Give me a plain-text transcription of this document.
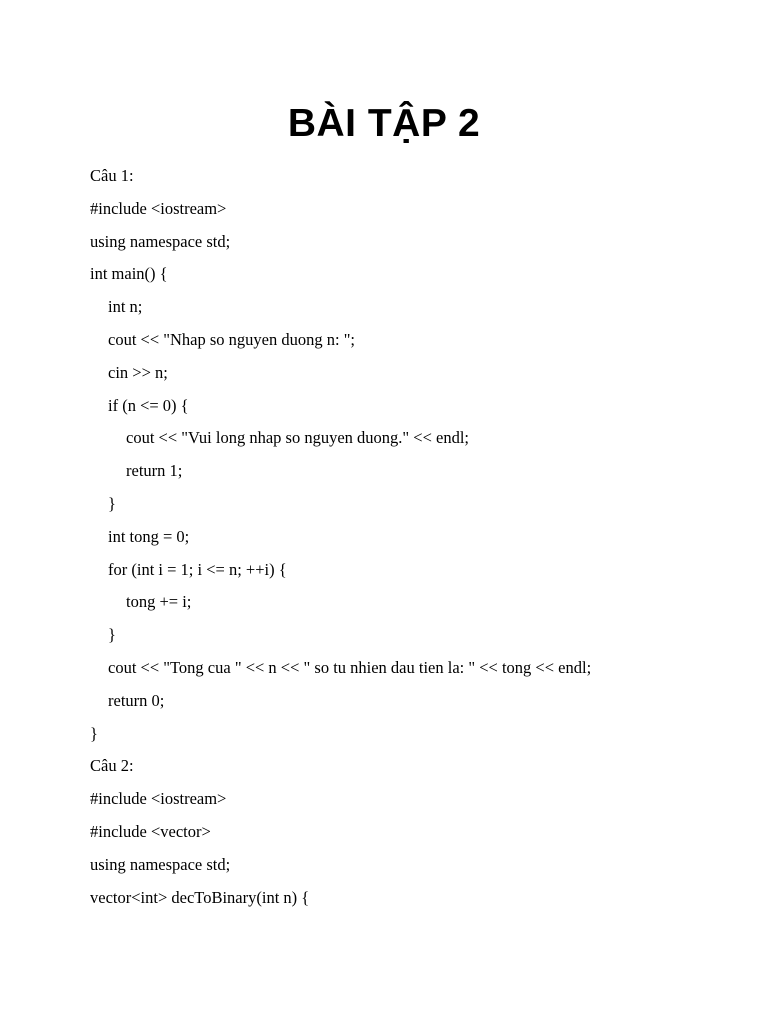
BÀI TẬP 2
Câu 1:
#include <iostream>
using namespace std;
int main() {
int n;
cout << "Nhap so nguyen duong n: ";
cin >> n;
if (n <= 0) {
cout << "Vui long nhap so nguyen duong." << endl;
return 1;
}
int tong = 0;
for (int i = 1; i <= n; ++i) {
tong += i;
}
cout << "Tong cua " << n << " so tu nhien dau tien la: " << tong << endl;
return 0;
}
Câu 2:
#include <iostream>
#include <vector>
using namespace std;
vector<int> decToBinary(int n) {
